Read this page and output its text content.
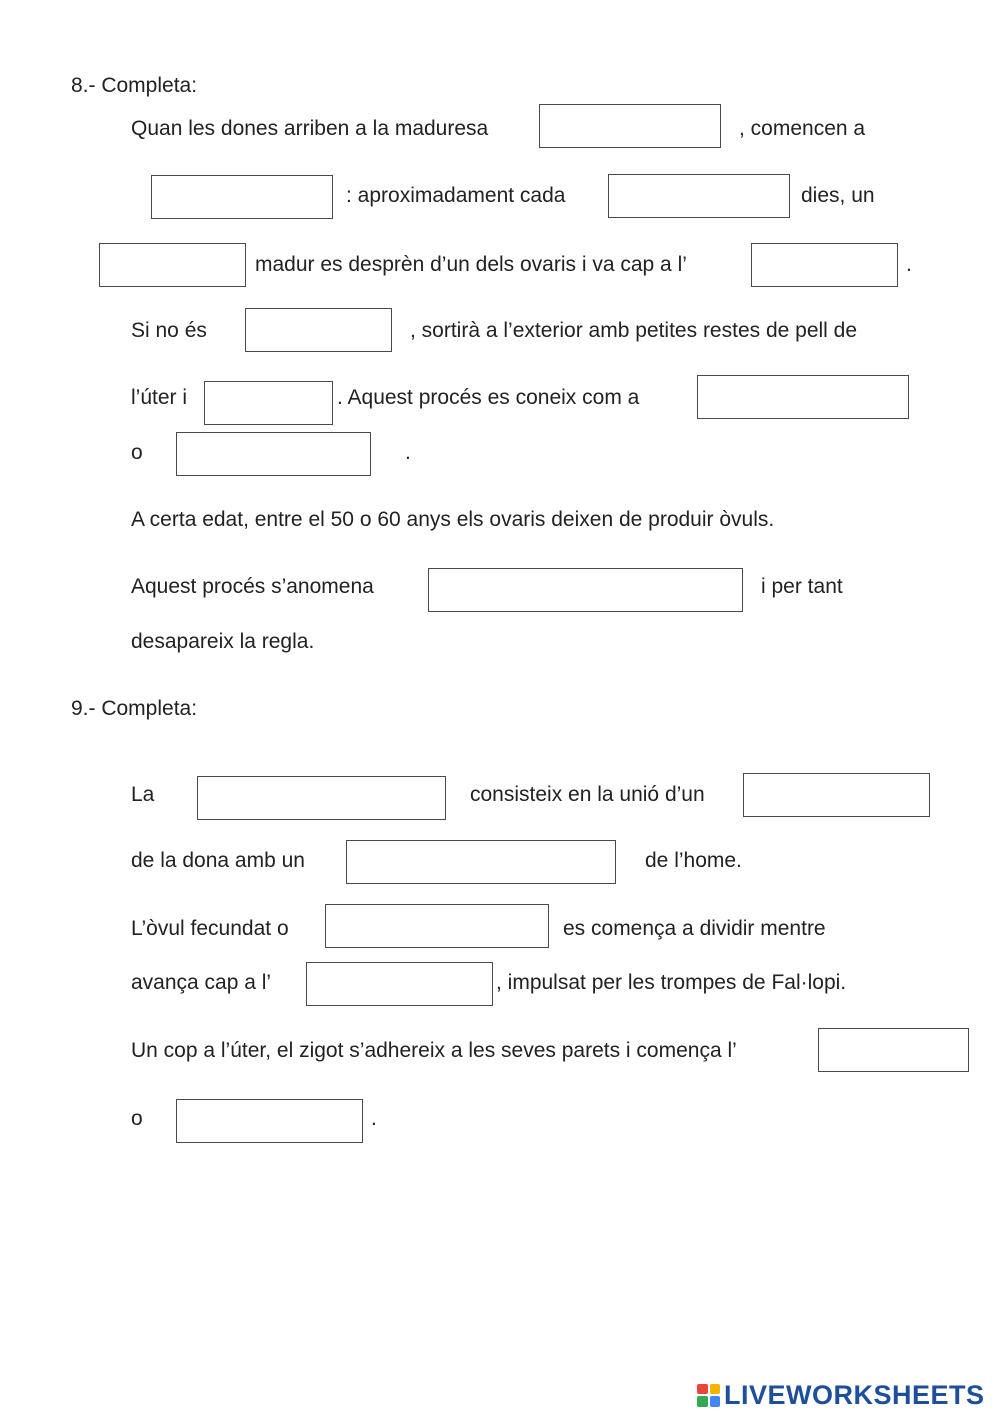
8.- Completa:
Quan les dones arriben a la maduresa	, comencen a
: aproximadament cada	dies, un
madur es desprèn d’un dels ovaris i va cap a l’	.
Si no és	, sortirà a l’exterior amb petites restes de pell de
l’úter i	. Aquest procés es coneix com a
o	.
A certa edat, entre el 50 o 60 anys els ovaris deixen de produir òvuls.
Aquest procés s’anomena	i per tant
desapareix la regla.
9.- Completa:
La	consisteix en la unió d’un
de la dona amb un	de l’home.
L’òvul fecundat o	es comença a dividir mentre
avança cap a l’	, impulsat per les trompes de Fal·lopi.
Un cop a l’úter, el zigot s’adhereix a les seves parets i comença l’
o	.
LIVEWORKSHEETS
